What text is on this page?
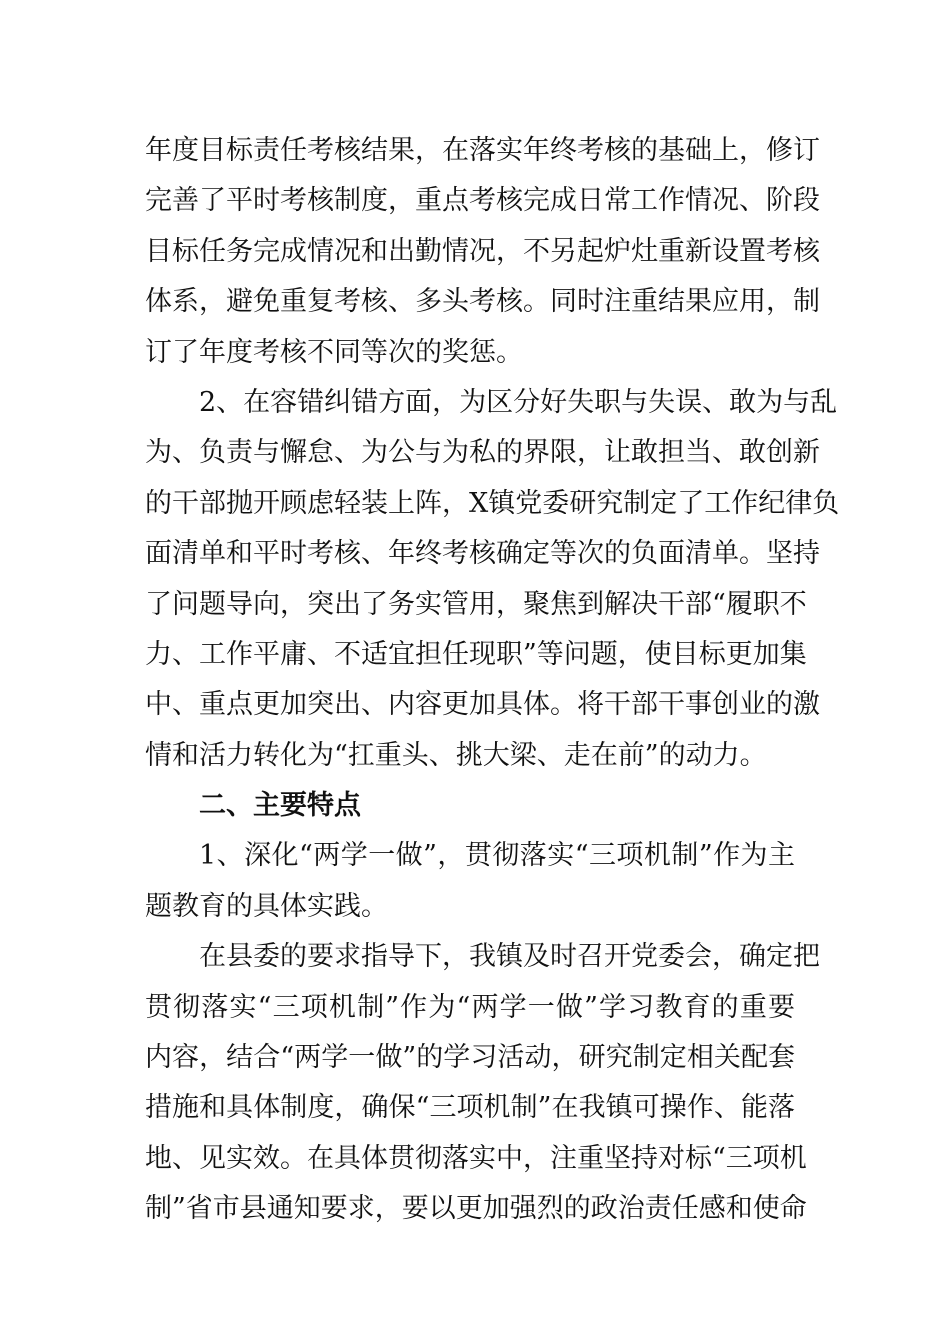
年度目标责任考核结果，在落实年终考核的基础上，修订
完善了平时考核制度，重点考核完成日常工作情况、阶段
目标任务完成情况和出勤情况，不另起炉灶重新设置考核
体系，避免重复考核、多头考核。同时注重结果应用，制
订了年度考核不同等次的奖惩。
2、在容错纠错方面，为区分好失职与失误、敢为与乱
为、负责与懈怠、为公与为私的界限，让敢担当、敢创新
的干部抛开顾虑轻装上阵，X镇党委研究制定了工作纪律负
面清单和平时考核、年终考核确定等次的负面清单。坚持
了问题导向，突出了务实管用，聚焦到解决干部“履职不
力、工作平庸、不适宜担任现职”等问题，使目标更加集
中、重点更加突出、内容更加具体。将干部干事创业的激
情和活力转化为“扛重头、挑大梁、走在前”的动力。
二、主要特点
1、深化“两学一做”，贯彻落实“三项机制”作为主
题教育的具体实践。
在县委的要求指导下，我镇及时召开党委会，确定把
贯彻落实“三项机制”作为“两学一做”学习教育的重要
内容，结合“两学一做”的学习活动，研究制定相关配套
措施和具体制度，确保“三项机制”在我镇可操作、能落
地、见实效。在具体贯彻落实中，注重坚持对标“三项机
制”省市县通知要求，要以更加强烈的政治责任感和使命
